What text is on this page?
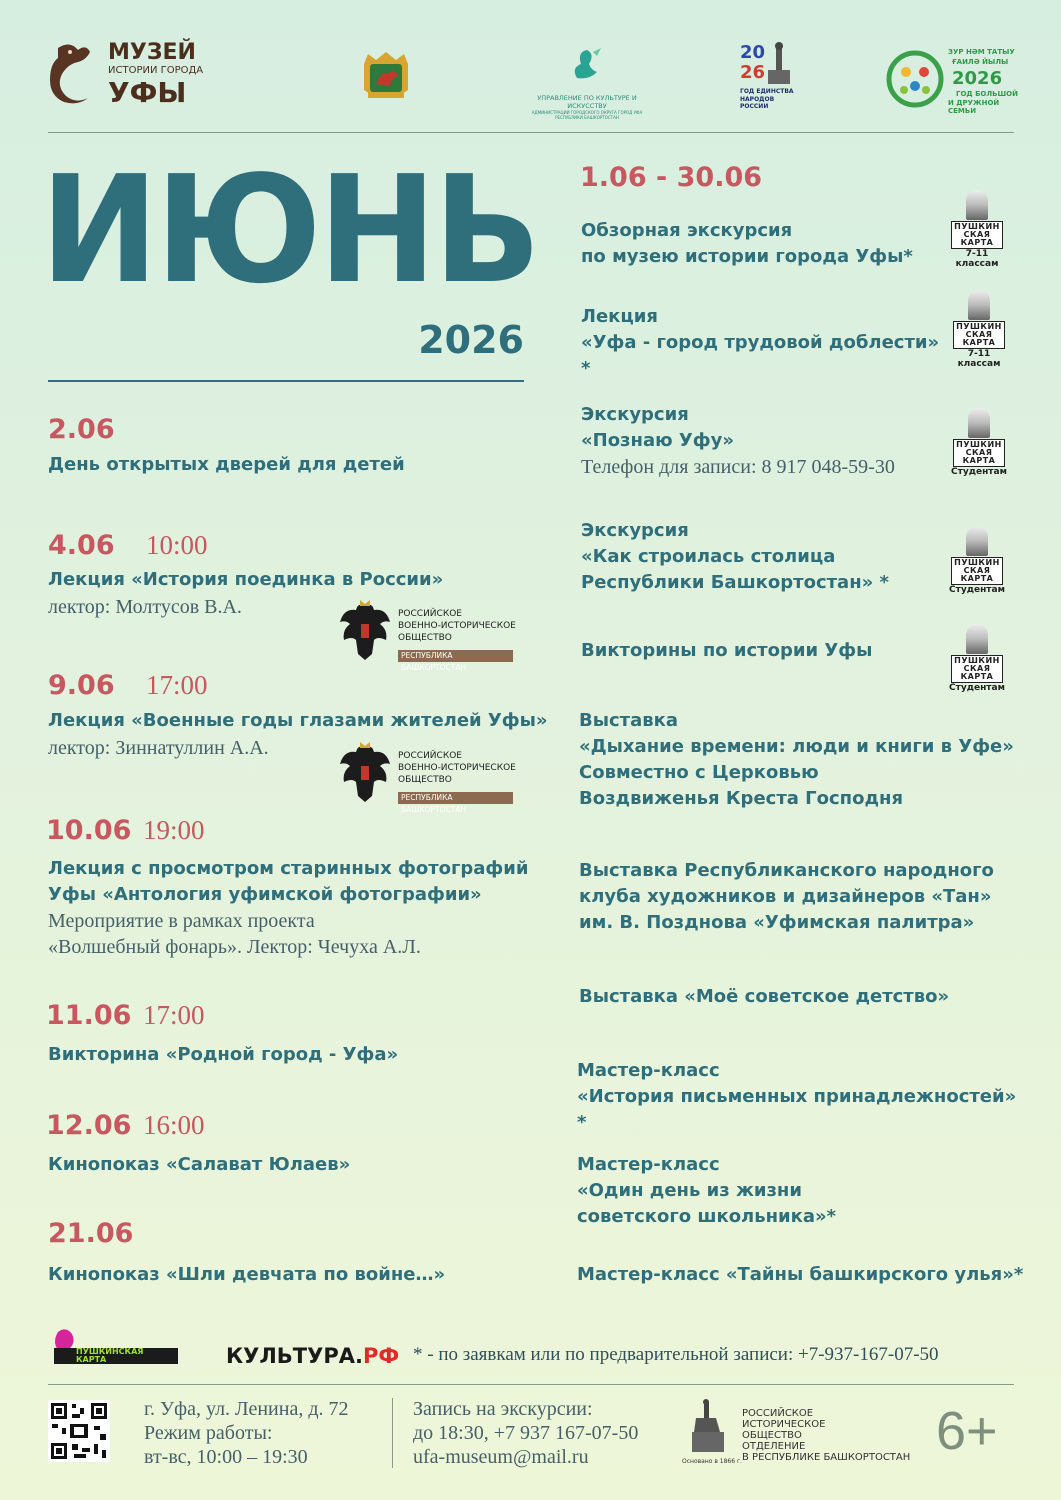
МУЗЕЙ
ИСТОРИИ ГОРОДА
УФЫ	УПРАВЛЕНИЕ ПО КУЛЬТУРЕ И ИСКУССТВУ
АДМИНИСТРАЦИИ ГОРОДСКОГО ОКРУГА ГОРОД УФА РЕСПУБЛИКИ БАШКОРТОСТАН
20
26
ГОД ЕДИНСТВА
НАРОДОВ РОССИИ
ЗУР НӘМ ТАТЫУ
ҒАИЛӘ ЙЫЛЫ
2026
ГОД БОЛЬШОЙ
И ДРУЖНОЙ СЕМЬИ
ИЮНЬ
2026
2.06
День открытых дверей для детей
4.06 10:00
Лекция «История поединка в России»
лектор: Молтусов В.А.	РОССИЙСКОЕ
ВОЕННО-ИСТОРИЧЕСКОЕ
ОБЩЕСТВО
РЕСПУБЛИКА БАШКОРТОСТАН
9.06 17:00
Лекция «Военные годы глазами жителей Уфы»
лектор: Зиннатуллин А.А.	РОССИЙСКОЕ
ВОЕННО-ИСТОРИЧЕСКОЕ
ОБЩЕСТВО
РЕСПУБЛИКА БАШКОРТОСТАН
10.06 19:00
Лекция с просмотром старинных фотографий
Уфы «Антология уфимской фотографии»
Мероприятие в рамках проекта
«Волшебный фонарь». Лектор: Чечуха А.Л.
11.06 17:00
Викторина «Родной город - Уфа»
12.06 16:00
Кинопоказ «Салават Юлаев»
21.06
Кинопоказ «Шли девчата по войне…»
1.06 - 30.06
Обзорная экскурсия
по музею истории города Уфы*
Лекция
«Уфа - город трудовой доблести» *
Экскурсия
«Познаю Уфу»
Телефон для записи: 8 917 048-59-30
Экскурсия
«Как строилась столица
Республики Башкортостан» *
Викторины по истории Уфы
Выставка
«Дыхание времени: люди и книги в Уфе»
Совместно с Церковью
Воздвиженья Креста Господня
Выставка Республиканского народного
клуба художников и дизайнеров «Тан»
им. В. Позднова «Уфимская палитра»
Выставка «Моё советское детство»
Мастер-класс
«История письменных принадлежностей» *
Мастер-класс
«Один день из жизни
советского школьника»*
Мастер-класс «Тайны башкирского улья»*
ПУШКИН
СКАЯ
КАРТА
7-11 классам
ПУШКИН
СКАЯ
КАРТА
7-11 классам
ПУШКИН
СКАЯ
КАРТА
Студентам
ПУШКИН
СКАЯ
КАРТА
Студентам
ПУШКИН
СКАЯ
КАРТА
Студентам
ПУШКИНСКАЯ
КАРТА	КУЛЬТУРА.РФ * - по заявкам или по предварительной записи: +7-937-167-07-50
г. Уфа, ул. Ленина, д. 72
Режим работы:
вт-вс, 10:00 – 19:30
Запись на экскурсии:
до 18:30, +7 937 167-07-50
ufa-museum@mail.ru	Основано в 1866 г.
РОССИЙСКОЕ
ИСТОРИЧЕСКОЕ
ОБЩЕСТВО
ОТДЕЛЕНИЕ
В РЕСПУБЛИКЕ БАШКОРТОСТАН 6+
